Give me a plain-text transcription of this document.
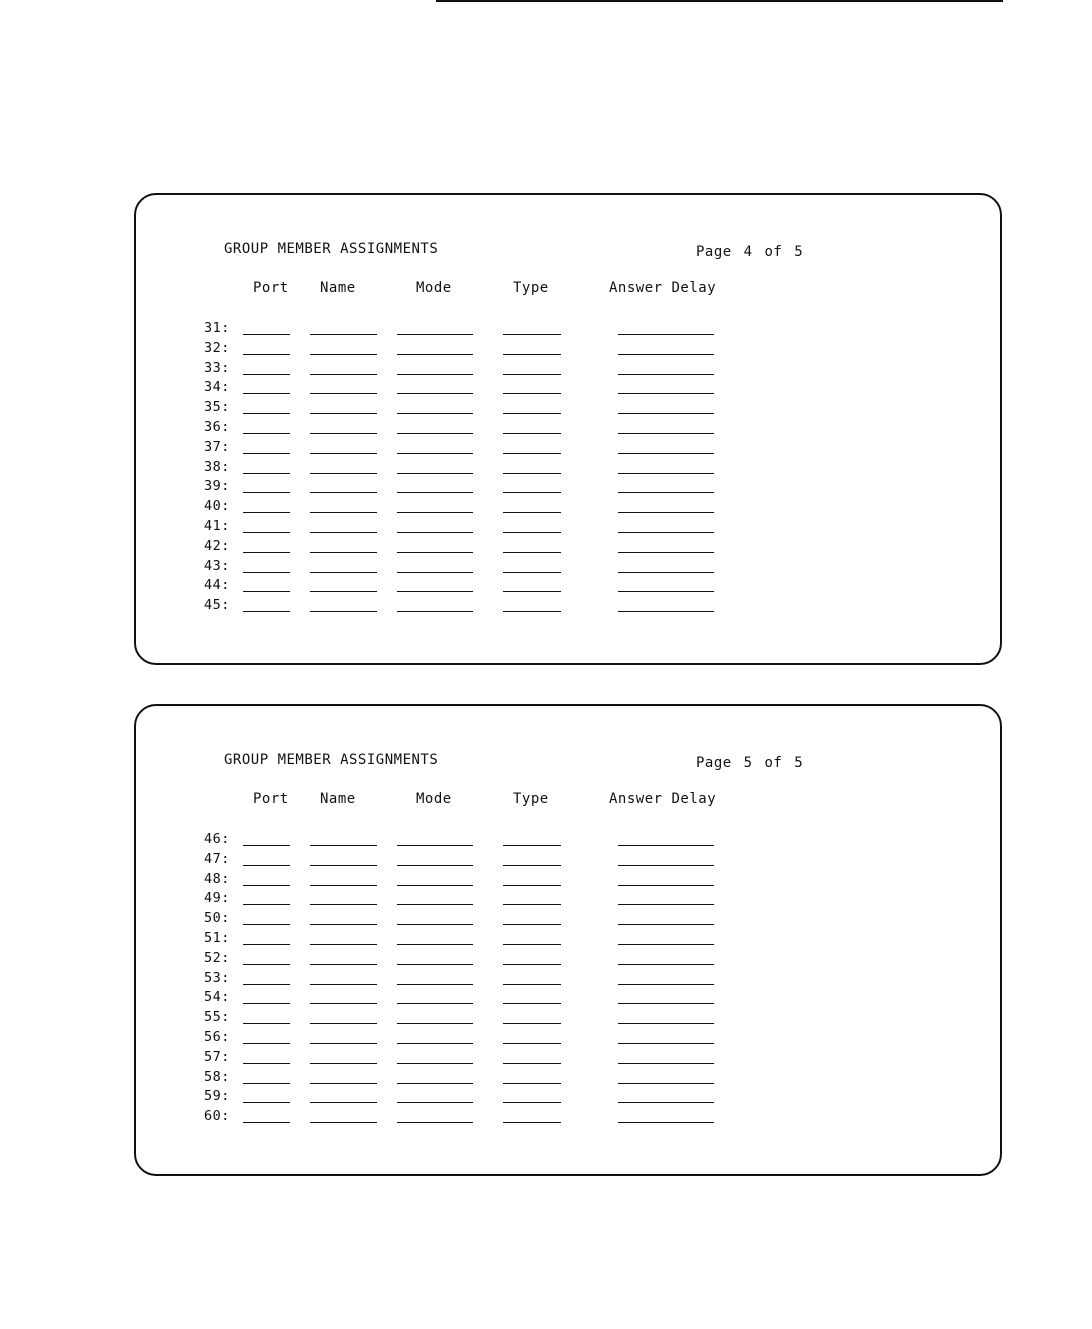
GROUP MEMBER ASSIGNMENTS	Page 4 of 5
Port Name	Mode	Type	Answer Delay
31:
32:
33:
34:
35:
36:
37:
38:
39:
40:
41:
42:
43:
44:
45:
GROUP MEMBER ASSIGNMENTS	Page 5 of 5
Port Name	Mode	Type	Answer Delay
46:
47:
48:
49:
50:
51:
52:
53:
54:
55:
56:
57:
58:
59:
60:
